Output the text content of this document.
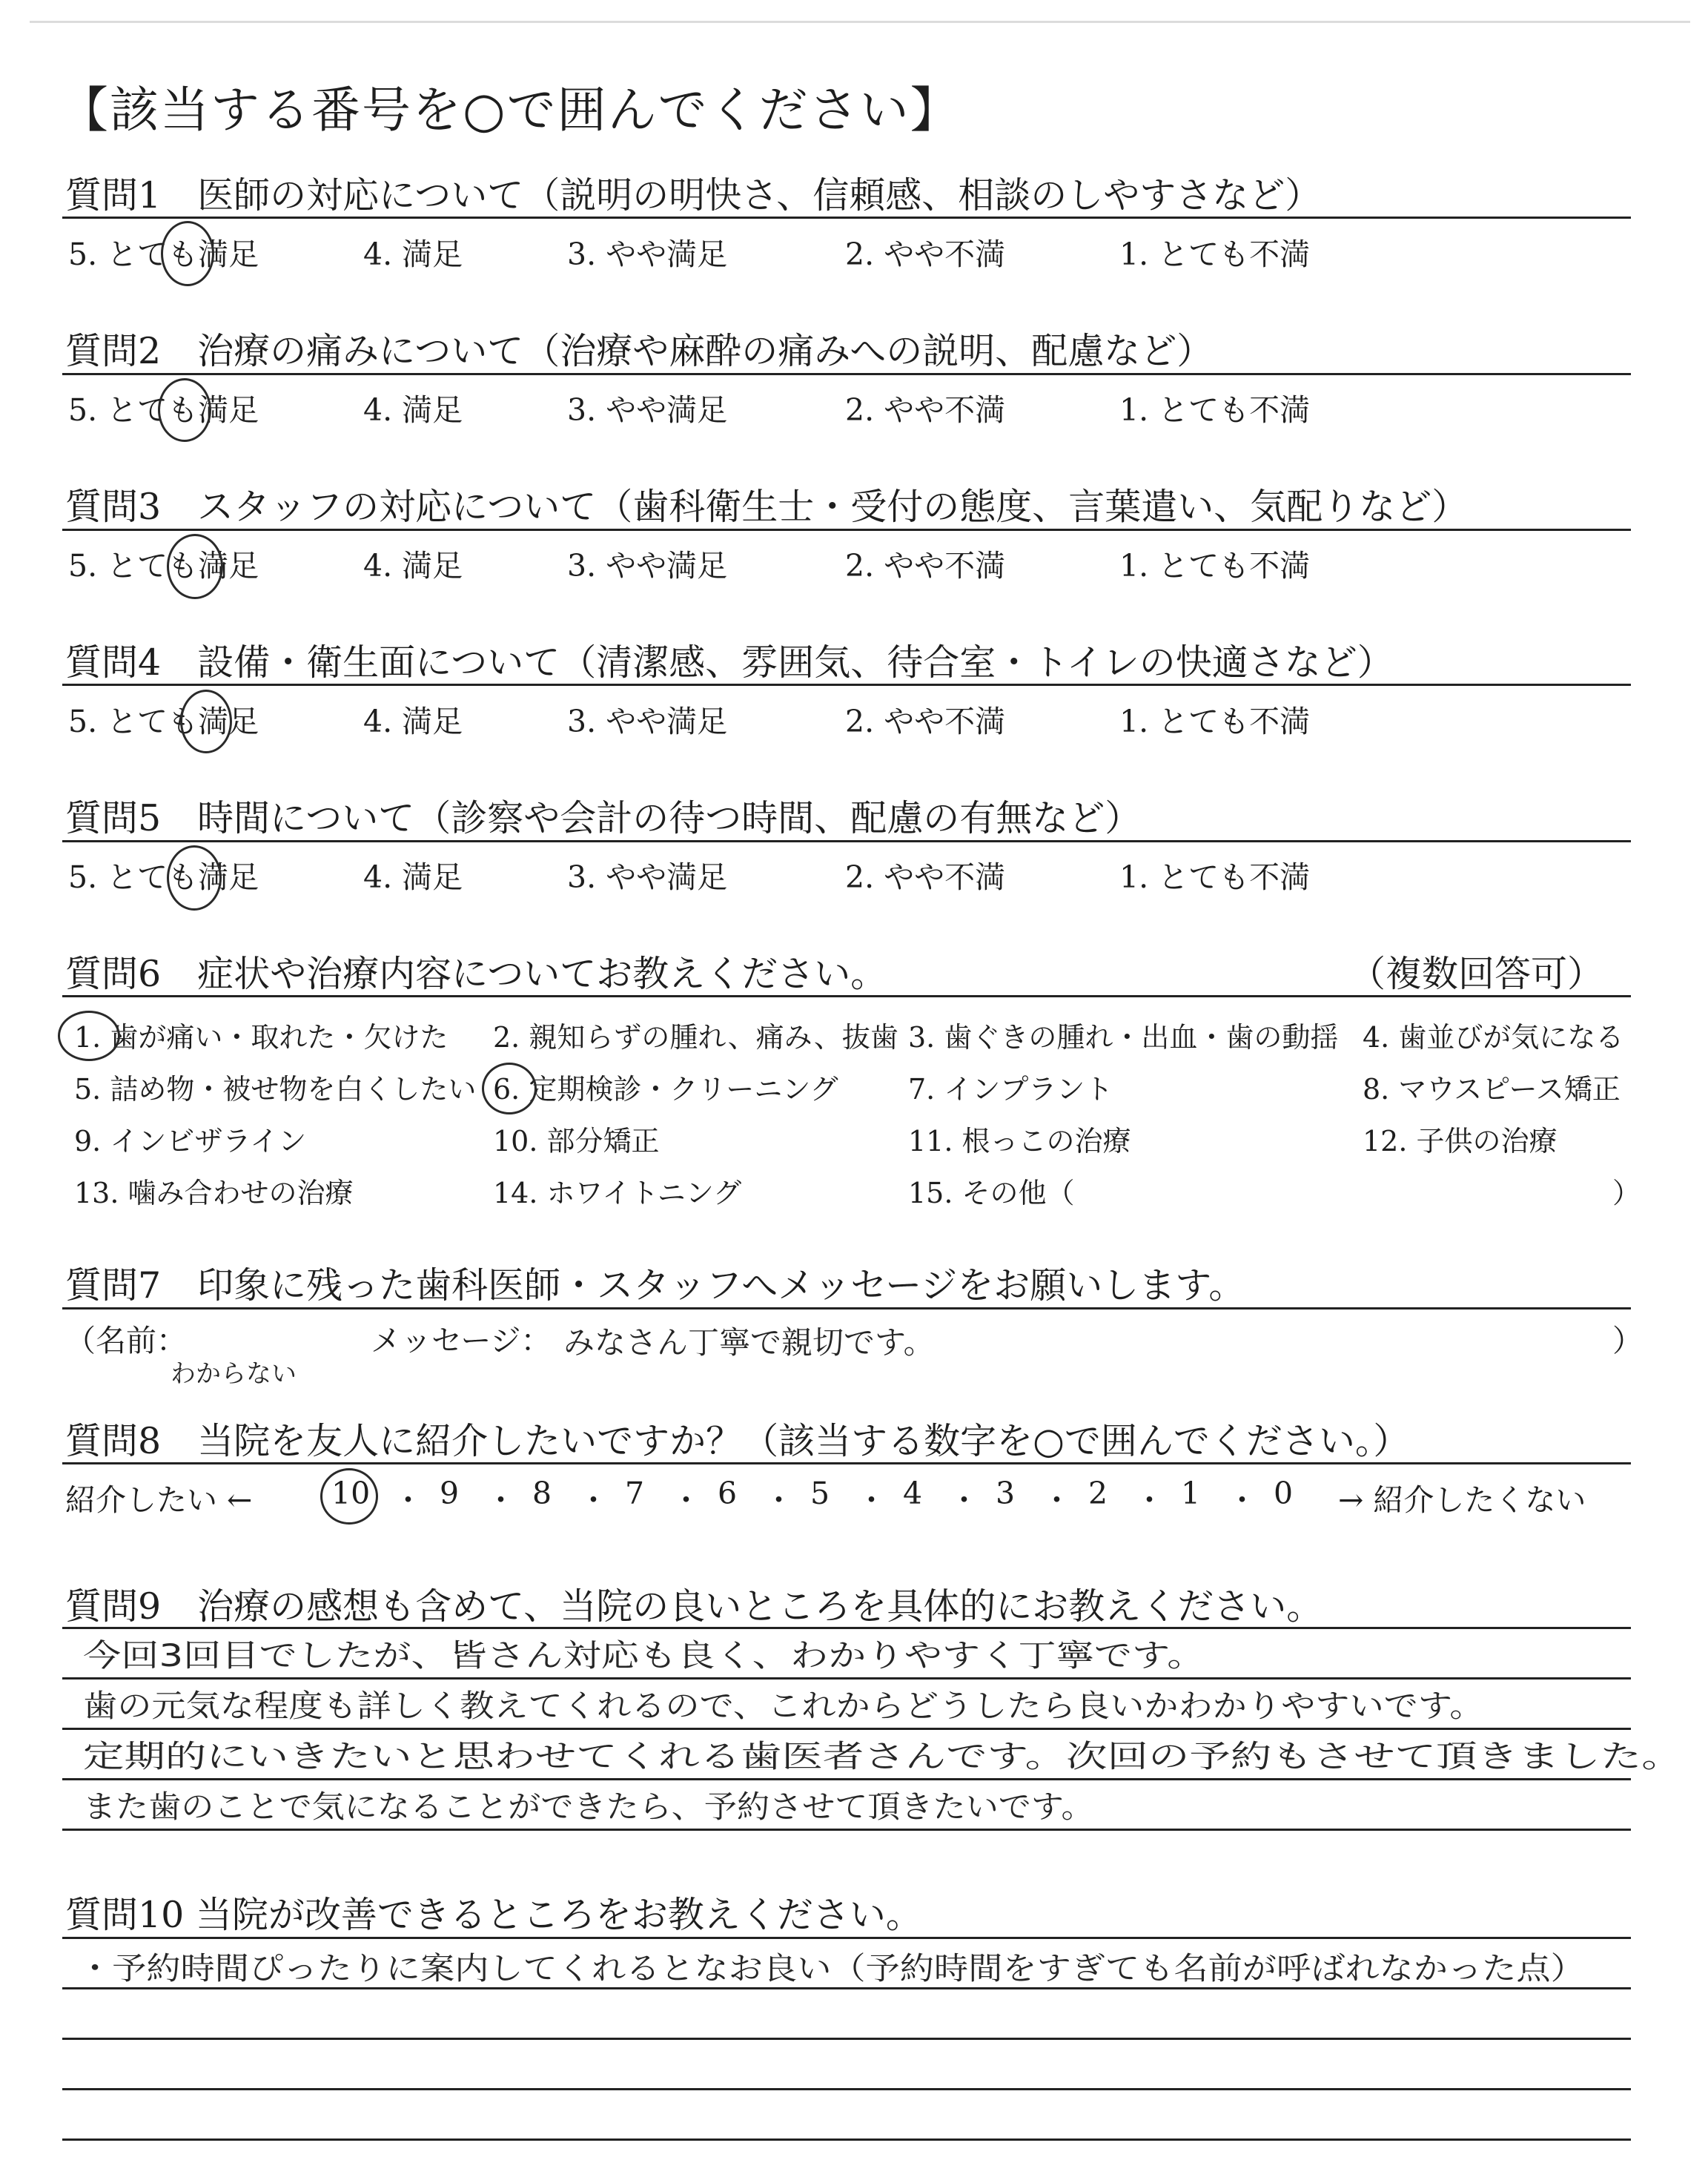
【該当する番号を○で囲んでください】
質問1　医師の対応について（説明の明快さ、信頼感、相談のしやすさなど）
5. とても満足	4. 満足	3. やや満足	2. やや不満	1. とても不満
質問2　治療の痛みについて（治療や麻酔の痛みへの説明、配慮など）
5. とても満足	4. 満足	3. やや満足	2. やや不満	1. とても不満
質問3　スタッフの対応について（歯科衛生士・受付の態度、言葉遣い、気配りなど）
5. とても満足	4. 満足	3. やや満足	2. やや不満	1. とても不満
質問4　設備・衛生面について（清潔感、雰囲気、待合室・トイレの快適さなど）
5. とても満足	4. 満足	3. やや満足	2. やや不満	1. とても不満
質問5　時間について（診察や会計の待つ時間、配慮の有無など）
5. とても満足	4. 満足	3. やや満足	2. やや不満	1. とても不満
質問6　症状や治療内容についてお教えください。	（複数回答可）
1. 歯が痛い・取れた・欠けた 2. 親知らずの腫れ、痛み、抜歯 3. 歯ぐきの腫れ・出血・歯の動揺 4. 歯並びが気になる
5. 詰め物・被せ物を白くしたい 6. 定期検診・クリーニング 7. インプラント	8. マウスピース矯正
9. インビザライン	10. 部分矯正	11. 根っこの治療	12. 子供の治療
13. 噛み合わせの治療	14. ホワイトニング	15. その他（	）
質問7　印象に残った歯科医師・スタッフへメッセージをお願いします。
（名前：
わからない
メッセージ： みなさん丁寧で親切です。	）
質問8　当院を友人に紹介したいですか？（該当する数字を○で囲んでください。）
紹介したい ←	10 ・ 9 ・ 8 ・ 7 ・ 6 ・ 5 ・ 4 ・ 3 ・ 2 ・ 1 ・ 0 → 紹介したくない
質問9　治療の感想も含めて、当院の良いところを具体的にお教えください。
今回3回目でしたが、皆さん対応も良く、わかりやすく丁寧です。
歯の元気な程度も詳しく教えてくれるので、これからどうしたら良いかわかりやすいです。
定期的にいきたいと思わせてくれる歯医者さんです。次回の予約もさせて頂きました。
また歯のことで気になることができたら、予約させて頂きたいです。
質問10 当院が改善できるところをお教えください。
・予約時間ぴったりに案内してくれるとなお良い（予約時間をすぎても名前が呼ばれなかった点）
